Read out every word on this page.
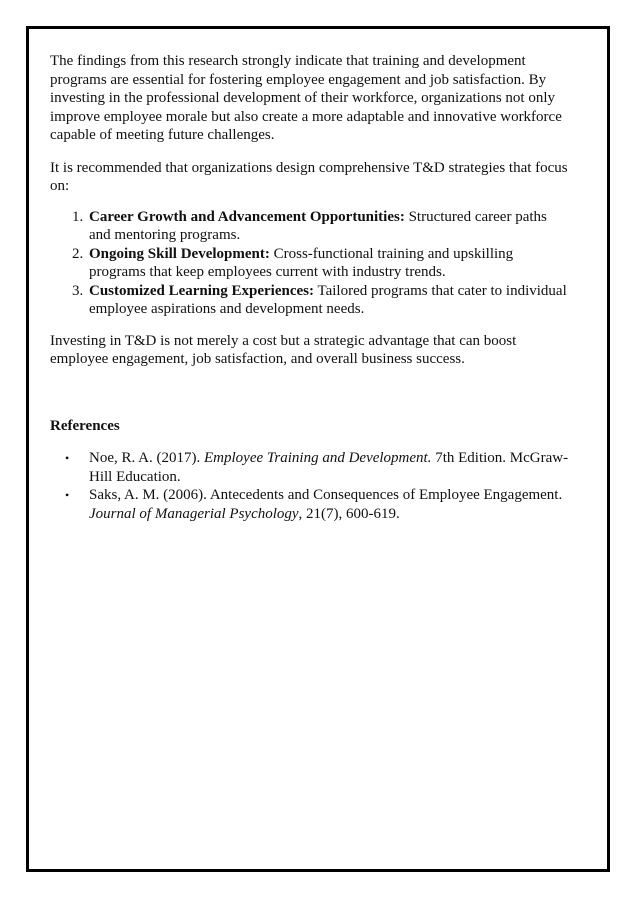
The findings from this research strongly indicate that training and development programs are essential for fostering employee engagement and job satisfaction. By investing in the professional development of their workforce, organizations not only improve employee morale but also create a more adaptable and innovative workforce capable of meeting future challenges.

It is recommended that organizations design comprehensive T&D strategies that focus on:

1. Career Growth and Advancement Opportunities: Structured career paths and mentoring programs.
2. Ongoing Skill Development: Cross-functional training and upskilling programs that keep employees current with industry trends.
3. Customized Learning Experiences: Tailored programs that cater to individual employee aspirations and development needs.

Investing in T&D is not merely a cost but a strategic advantage that can boost employee engagement, job satisfaction, and overall business success.

References

• Noe, R. A. (2017). Employee Training and Development. 7th Edition. McGraw-Hill Education.
• Saks, A. M. (2006). Antecedents and Consequences of Employee Engagement. Journal of Managerial Psychology, 21(7), 600-619.
